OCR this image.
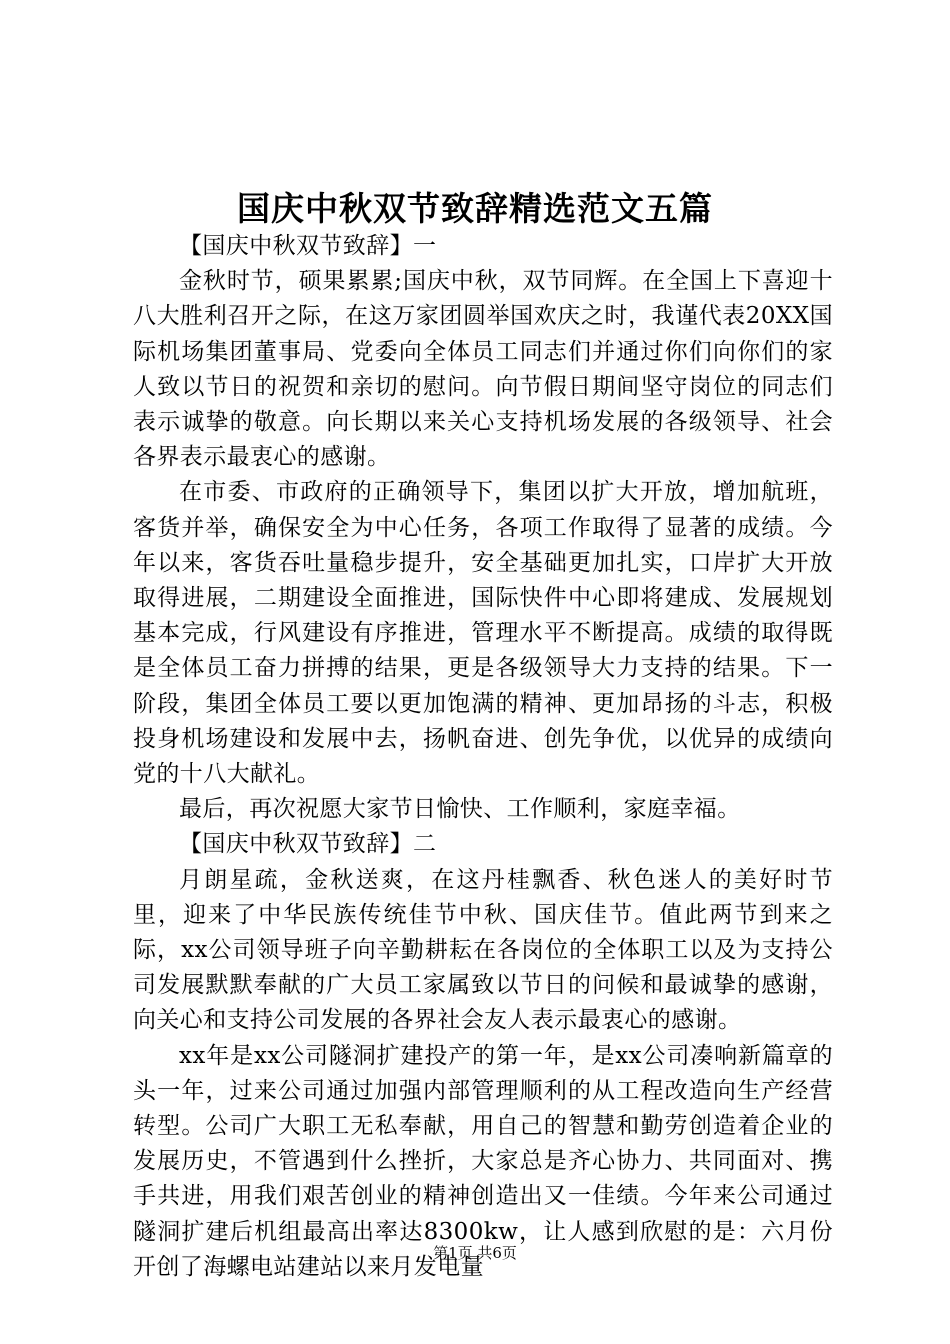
国庆中秋双节致辞精选范文五篇

【国庆中秋双节致辞】一

金秋时节，硕果累累;国庆中秋，双节同辉。在全国上下喜迎十八大胜利召开之际，在这万家团圆举国欢庆之时，我谨代表20XX国际机场集团董事局、党委向全体员工同志们并通过你们向你们的家人致以节日的祝贺和亲切的慰问。向节假日期间坚守岗位的同志们表示诚挚的敬意。向长期以来关心支持机场发展的各级领导、社会各界表示最衷心的感谢。

在市委、市政府的正确领导下，集团以扩大开放，增加航班，客货并举，确保安全为中心任务，各项工作取得了显著的成绩。今年以来，客货吞吐量稳步提升，安全基础更加扎实，口岸扩大开放取得进展，二期建设全面推进，国际快件中心即将建成、发展规划基本完成，行风建设有序推进，管理水平不断提高。成绩的取得既是全体员工奋力拼搏的结果，更是各级领导大力支持的结果。下一阶段，集团全体员工要以更加饱满的精神、更加昂扬的斗志，积极投身机场建设和发展中去，扬帆奋进、创先争优，以优异的成绩向党的十八大献礼。

最后，再次祝愿大家节日愉快、工作顺利，家庭幸福。

【国庆中秋双节致辞】二

月朗星疏，金秋送爽，在这丹桂飘香、秋色迷人的美好时节里，迎来了中华民族传统佳节中秋、国庆佳节。值此两节到来之际，xx公司领导班子向辛勤耕耘在各岗位的全体职工以及为支持公司发展默默奉献的广大员工家属致以节日的问候和最诚挚的感谢，向关心和支持公司发展的各界社会友人表示最衷心的感谢。

xx年是xx公司隧洞扩建投产的第一年，是xx公司凑响新篇章的头一年，过来公司通过加强内部管理顺利的从工程改造向生产经营转型。公司广大职工无私奉献，用自己的智慧和勤劳创造着企业的发展历史，不管遇到什么挫折，大家总是齐心协力、共同面对、携手共进，用我们艰苦创业的精神创造出又一佳绩。今年来公司通过隧洞扩建后机组最高出率达8300kw，让人感到欣慰的是：六月份开创了海螺电站建站以来月发电量

第1页 共6页
